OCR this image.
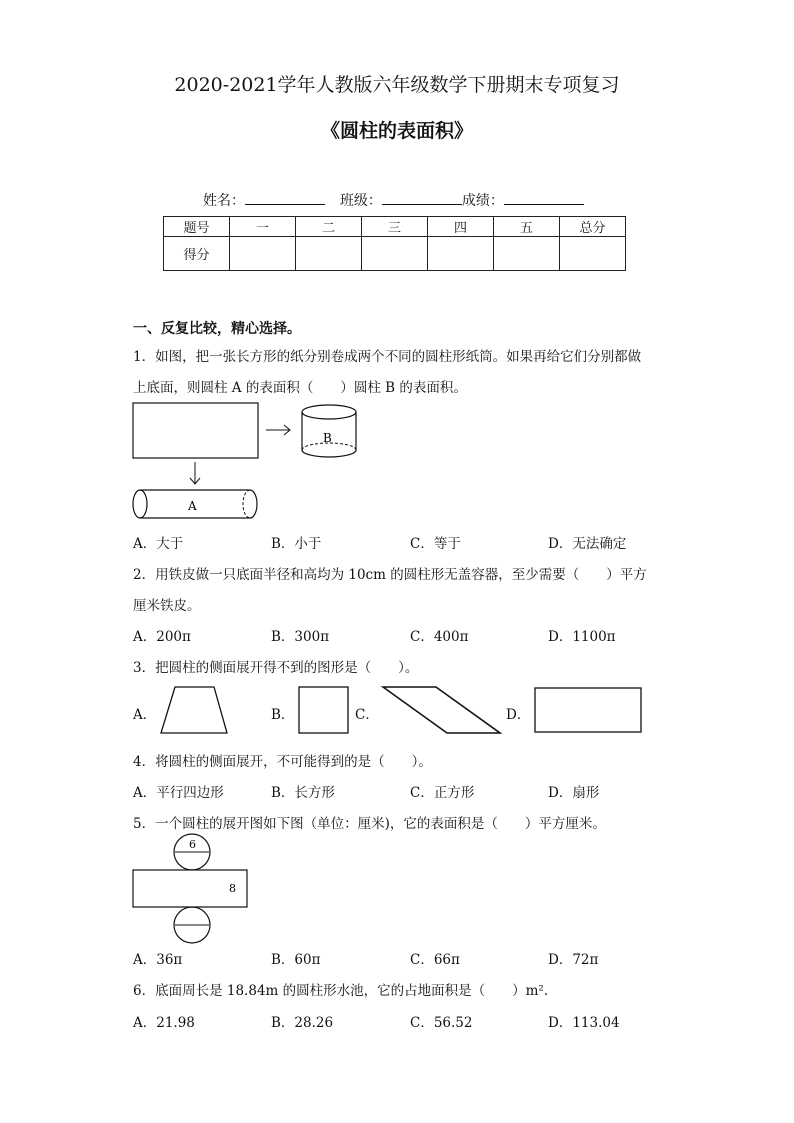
2020-2021学年人教版六年级数学下册期末专项复习
《圆柱的表面积》
姓名：	班级：	成绩：
题号	一	二	三	四	五	总分
得分						
一、反复比较，精心选择。
1．如图，把一张长方形的纸分别卷成两个不同的圆柱形纸筒。如果再给它们分别都做
上底面，则圆柱 A 的表面积（　　）圆柱 B 的表面积。
B
A
A．大于	B．小于	C．等于	D．无法确定
2．用铁皮做一只底面半径和高均为 10cm 的圆柱形无盖容器，至少需要（　　）平方
厘米铁皮。
A．200π	B．300π	C．400π	D．1100π
3．把圆柱的侧面展开得不到的图形是（　　）。
A．	B．	C．	D．
4．将圆柱的侧面展开，不可能得到的是（　　）。
A．平行四边形	B．长方形	C．正方形	D．扇形
5．一个圆柱的展开图如下图（单位：厘米)，它的表面积是（　　）平方厘米。
6
8
A．36π	B．60π	C．66π	D．72π
6．底面周长是 18.84m 的圆柱形水池，它的占地面积是（　　）m².
A．21.98	B．28.26	C．56.52	D．113.04
